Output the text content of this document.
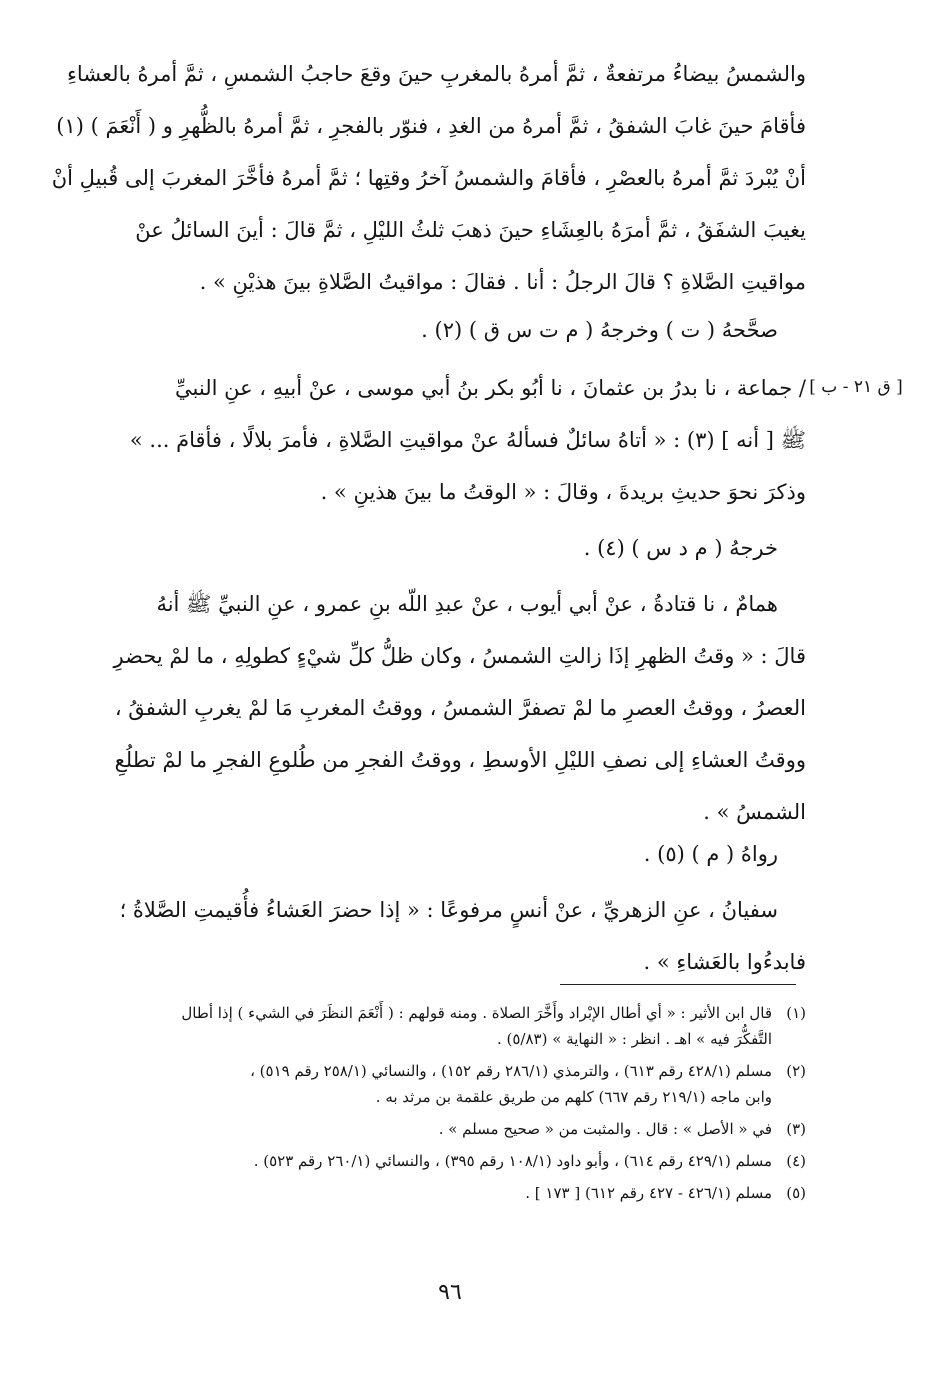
والشمسُ بيضاءُ مرتفعةٌ ، ثمَّ أمرهُ بالمغربِ حينَ وقعَ حاجبُ الشمسِ ، ثمَّ أمرهُ بالعشاءِ
فأقامَ حينَ غابَ الشفقُ ، ثمَّ أمرهُ من الغدِ ، فنوّر بالفجرِ ، ثمَّ أمرهُ بالظُّهرِ و ( أَنْعَمَ ) (١)
أنْ يُبْردَ ثمَّ أمرهُ بالعصْرِ ، فأقامَ والشمسُ آخرُ وقتِها ؛ ثمَّ أمرهُ فأخَّرَ المغربَ إلى قُبيلِ أنْ
يغيبَ الشفَقُ ، ثمَّ أمرَهُ بالعِشَاءِ حينَ ذهبَ ثلثُ الليْلِ ، ثمَّ قالَ : أينَ السائلُ عنْ
مواقيتِ الصَّلاةِ ؟ قالَ الرجلُ : أنا . فقالَ : مواقيتُ الصَّلاةِ بينَ هذيْنِ » .
صحَّحهُ ( ت ) وخرجهُ ( م ت س ق ) (٢) .
[ ق ٢١ - ب ]
/ جماعة ، نا بدرُ بن عثمانَ ، نا أبُو بكر بنُ أبي موسى ، عنْ أبيهِ ، عنِ النبيِّ
ﷺ [ أنه ] (٣) : « أتاهُ سائلٌ فسألهُ عنْ مواقيتِ الصَّلاةِ ، فأمرَ بلالًا ، فأقامَ ... »
وذكرَ نحوَ حديثِ بريدةَ ، وقالَ : « الوقتُ ما بينَ هذينِ » .
خرجهُ ( م د س ) (٤) .
همامٌ ، نا قتادةُ ، عنْ أبي أيوب ، عنْ عبدِ اللّه بنِ عمرو ، عنِ النبيِّ ﷺ أنهُ
قالَ : « وقتُ الظهرِ إذَا زالتِ الشمسُ ، وكان ظلُّ كلِّ شيْءٍ كطولِهِ ، ما لمْ يحضرِ
العصرُ ، ووقتُ العصرِ ما لمْ تصفرَّ الشمسُ ، ووقتُ المغربِ مَا لمْ يغربِ الشفقُ ،
ووقتُ العشاءِ إلى نصفِ الليْلِ الأوسطِ ، ووقتُ الفجرِ من طُلوعِ الفجرِ ما لمْ تطلُعِ
الشمسُ » .
رواهُ ( م ) (٥) .
سفيانُ ، عنِ الزهريِّ ، عنْ أنسٍ مرفوعًا : « إذا حضرَ العَشاءُ فأُقيمتِ الصَّلاةُ ؛
فابدءُوا بالعَشاءِ » .
(١)
قال ابن الأثير : « أي أطال الإبْراد وأَخَّرَ الصلاة . ومنه قولهم : ( أَنْعَمَ النظَرَ في الشيء ) إذا أطال
التَّفكُّرَ فيه » اهـ . انظر : « النهاية » (٥/٨٣) .
(٢)
مسلم (٤٢٨/١ رقم ٦١٣) ، والترمذي (٢٨٦/١ رقم ١٥٢) ، والنسائي (٢٥٨/١ رقم ٥١٩) ،
وابن ماجه (٢١٩/١ رقم ٦٦٧) كلهم من طريق علقمة بن مرثد به .
(٣)
في « الأصل » : قال . والمثبت من « صحيح مسلم » .
(٤)
مسلم (٤٢٩/١ رقم ٦١٤) ، وأبو داود (١٠٨/١ رقم ٣٩٥) ، والنسائي (٢٦٠/١ رقم ٥٢٣) .
(٥)
مسلم (٤٢٦/١ - ٤٢٧ رقم ٦١٢) [ ١٧٣ ] .
٩٦
